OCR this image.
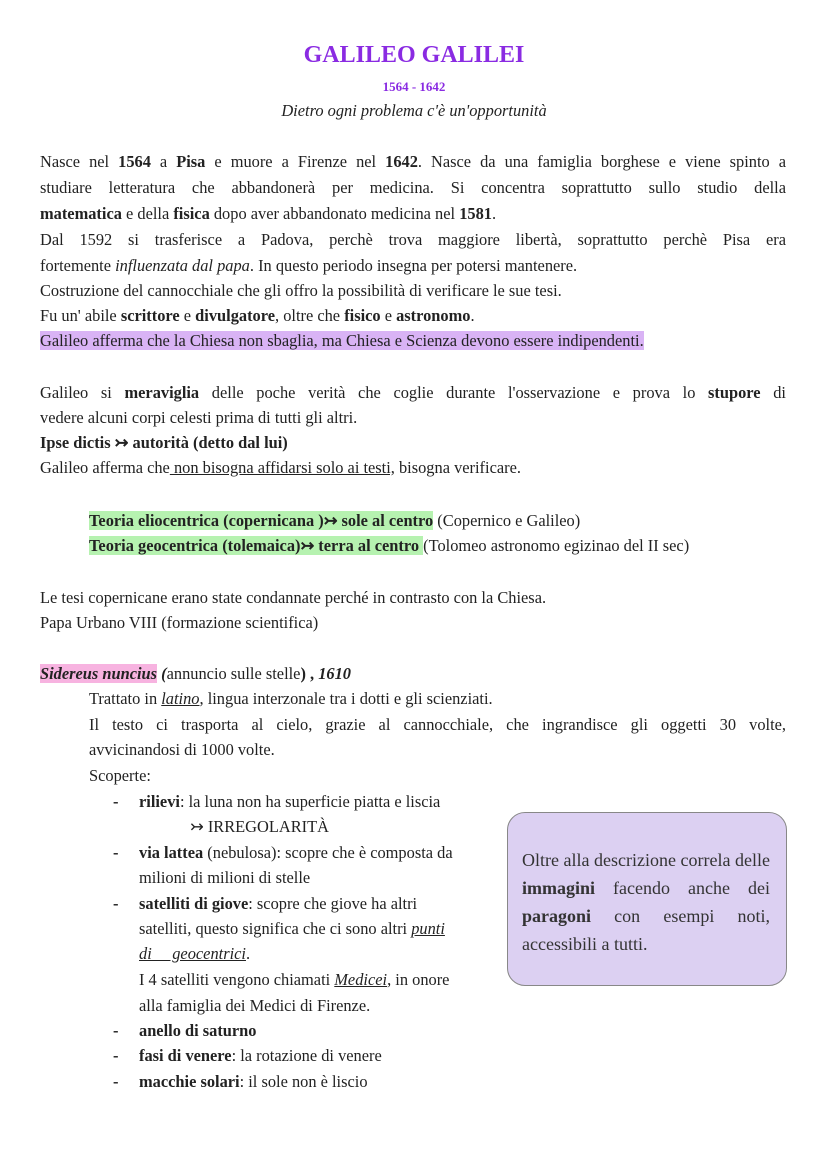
GALILEO GALILEI
1564 - 1642
Dietro ogni problema c'è un'opportunità
Nasce nel 1564 a Pisa e muore a Firenze nel 1642. Nasce da una famiglia borghese e viene spinto a
studiare letteratura che abbandonerà per medicina. Si concentra soprattutto sullo studio della
matematica e della fisica dopo aver abbandonato medicina nel 1581.
Dal 1592 si trasferisce a Padova, perchè trova maggiore libertà, soprattutto perchè Pisa era
fortemente influenzata dal papa. In questo periodo insegna per potersi mantenere.
Costruzione del cannocchiale che gli offro la possibilità di verificare le sue tesi.
Fu un' abile scrittore e divulgatore, oltre che fisico e astronomo.
Galileo afferma che la Chiesa non sbaglia, ma Chiesa e Scienza devono essere indipendenti.
Galileo si meraviglia delle poche verità che coglie durante l'osservazione e prova lo stupore di
vedere alcuni corpi celesti prima di tutti gli altri.
Ipse dictis ↣ autorità (detto dal lui)
Galileo afferma che non bisogna affidarsi solo ai testi, bisogna verificare.
Teoria eliocentrica (copernicana )↣ sole al centro (Copernico e Galileo)
Teoria geocentrica (tolemaica)↣ terra al centro (Tolomeo astronomo egizinao del II sec)
Le tesi copernicane erano state condannate perché in contrasto con la Chiesa.
Papa Urbano VIII (formazione scientifica)
Sidereus nuncius (annuncio sulle stelle) , 1610
Trattato in latino, lingua interzonale tra i dotti e gli scienziati.
Il testo ci trasporta al cielo, grazie al cannocchiale, che ingrandisce gli oggetti 30 volte,
avvicinandosi di 1000 volte.
Scoperte:
- rilievi: la luna non ha superficie piatta e liscia
↣ IRREGOLARITÀ
- via lattea (nebulosa): scopre che è composta da
milioni di milioni di stelle
- satelliti di giove: scopre che giove ha altri
satelliti, questo significa che ci sono altri punti
di     geocentrici.
I 4 satelliti vengono chiamati Medicei, in onore
alla famiglia dei Medici di Firenze.
- anello di saturno
- fasi di venere: la rotazione di venere
- macchie solari: il sole non è liscio
Oltre alla descrizione correla delle immagini facendo anche dei paragoni con esempi noti, accessibili a tutti.
